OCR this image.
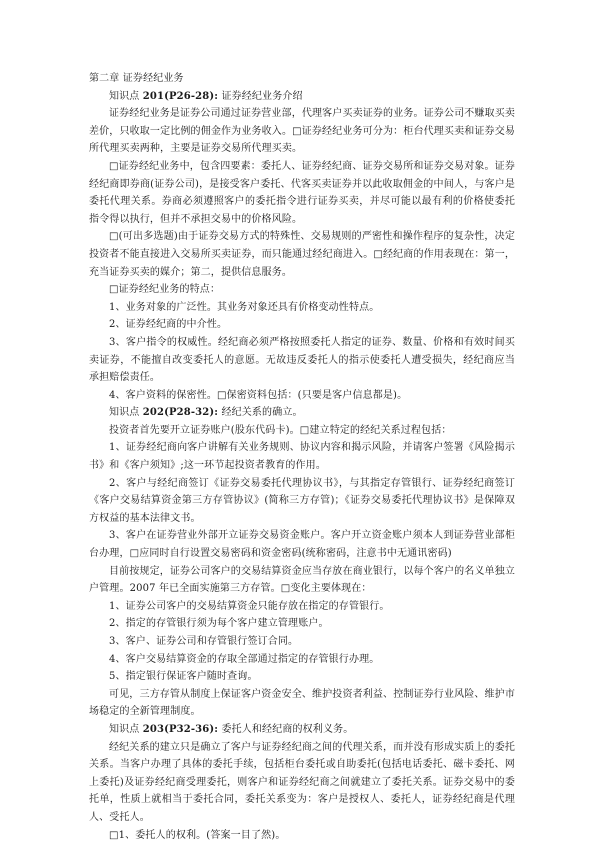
第二章 证券经纪业务

知识点 201(P26-28): 证券经纪业务介绍

证券经纪业务是证券公司通过证券营业部，代理客户买卖证券的业务。证券公司不赚取买卖差价，只收取一定比例的佣金作为业务收入。□证券经纪业务可分为：柜台代理买卖和证券交易所代理买卖两种，主要是证券交易所代理买卖。

□证券经纪业务中，包含四要素：委托人、证券经纪商、证券交易所和证券交易对象。证券经纪商即券商(证券公司)，是接受客户委托、代客买卖证券并以此收取佣金的中间人，与客户是委托代理关系。券商必须遵照客户的委托指令进行证券买卖，并尽可能以最有利的价格使委托指令得以执行，但并不承担交易中的价格风险。

□(可出多选题)由于证券交易方式的特殊性、交易规则的严密性和操作程序的复杂性，决定投资者不能直接进入交易所买卖证券，而只能通过经纪商进入。□经纪商的作用表现在：第一，充当证券买卖的媒介；第二，提供信息服务。

□证券经纪业务的特点：

1、业务对象的广泛性。其业务对象还具有价格变动性特点。

2、证券经纪商的中介性。

3、客户指令的权威性。经纪商必须严格按照委托人指定的证券、数量、价格和有效时间买卖证券，不能擅自改变委托人的意愿。无故违反委托人的指示使委托人遭受损失，经纪商应当承担赔偿责任。

4、客户资料的保密性。□保密资料包括：(只要是客户信息都是)。

知识点 202(P28-32): 经纪关系的确立。

投资者首先要开立证券账户(股东代码卡)。□建立特定的经纪关系过程包括：

1、证券经纪商向客户讲解有关业务规则、协议内容和揭示风险，并请客户签署《风险揭示书》和《客户须知》;这一环节起投资者教育的作用。

2、客户与经纪商签订《证券交易委托代理协议书》，与其指定存管银行、证券经纪商签订《客户交易结算资金第三方存管协议》(简称三方存管)；《证券交易委托代理协议书》是保障双方权益的基本法律文书。

3、客户在证券营业外部开立证券交易资金账户。客户开立资金账户须本人到证券营业部柜台办理，□应同时自行设置交易密码和资金密码(统称密码，注意书中无通讯密码)

目前按规定，证券公司客户的交易结算资金应当存放在商业银行，以每个客户的名义单独立户管理。2007 年已全面实施第三方存管。□变化主要体现在：

1、证券公司客户的交易结算资金只能存放在指定的存管银行。

2、指定的存管银行须为每个客户建立管理账户。

3、客户、证券公司和存管银行签订合同。

4、客户交易结算资金的存取全部通过指定的存管银行办理。

5、指定银行保证客户随时查询。

可见，三方存管从制度上保证客户资金安全、维护投资者利益、控制证券行业风险、维护市场稳定的全新管理制度。

知识点 203(P32-36): 委托人和经纪商的权利义务。

经纪关系的建立只是确立了客户与证券经纪商之间的代理关系，而并没有形成实质上的委托关系。当客户办理了具体的委托手续，包括柜台委托或自助委托(包括电话委托、磁卡委托、网上委托)及证券经纪商受理委托，则客户和证券经纪商之间就建立了委托关系。证券交易中的委托单，性质上就相当于委托合同，委托关系变为：客户是授权人、委托人，证券经纪商是代理人、受托人。

□1、委托人的权利。(答案一目了然)。
